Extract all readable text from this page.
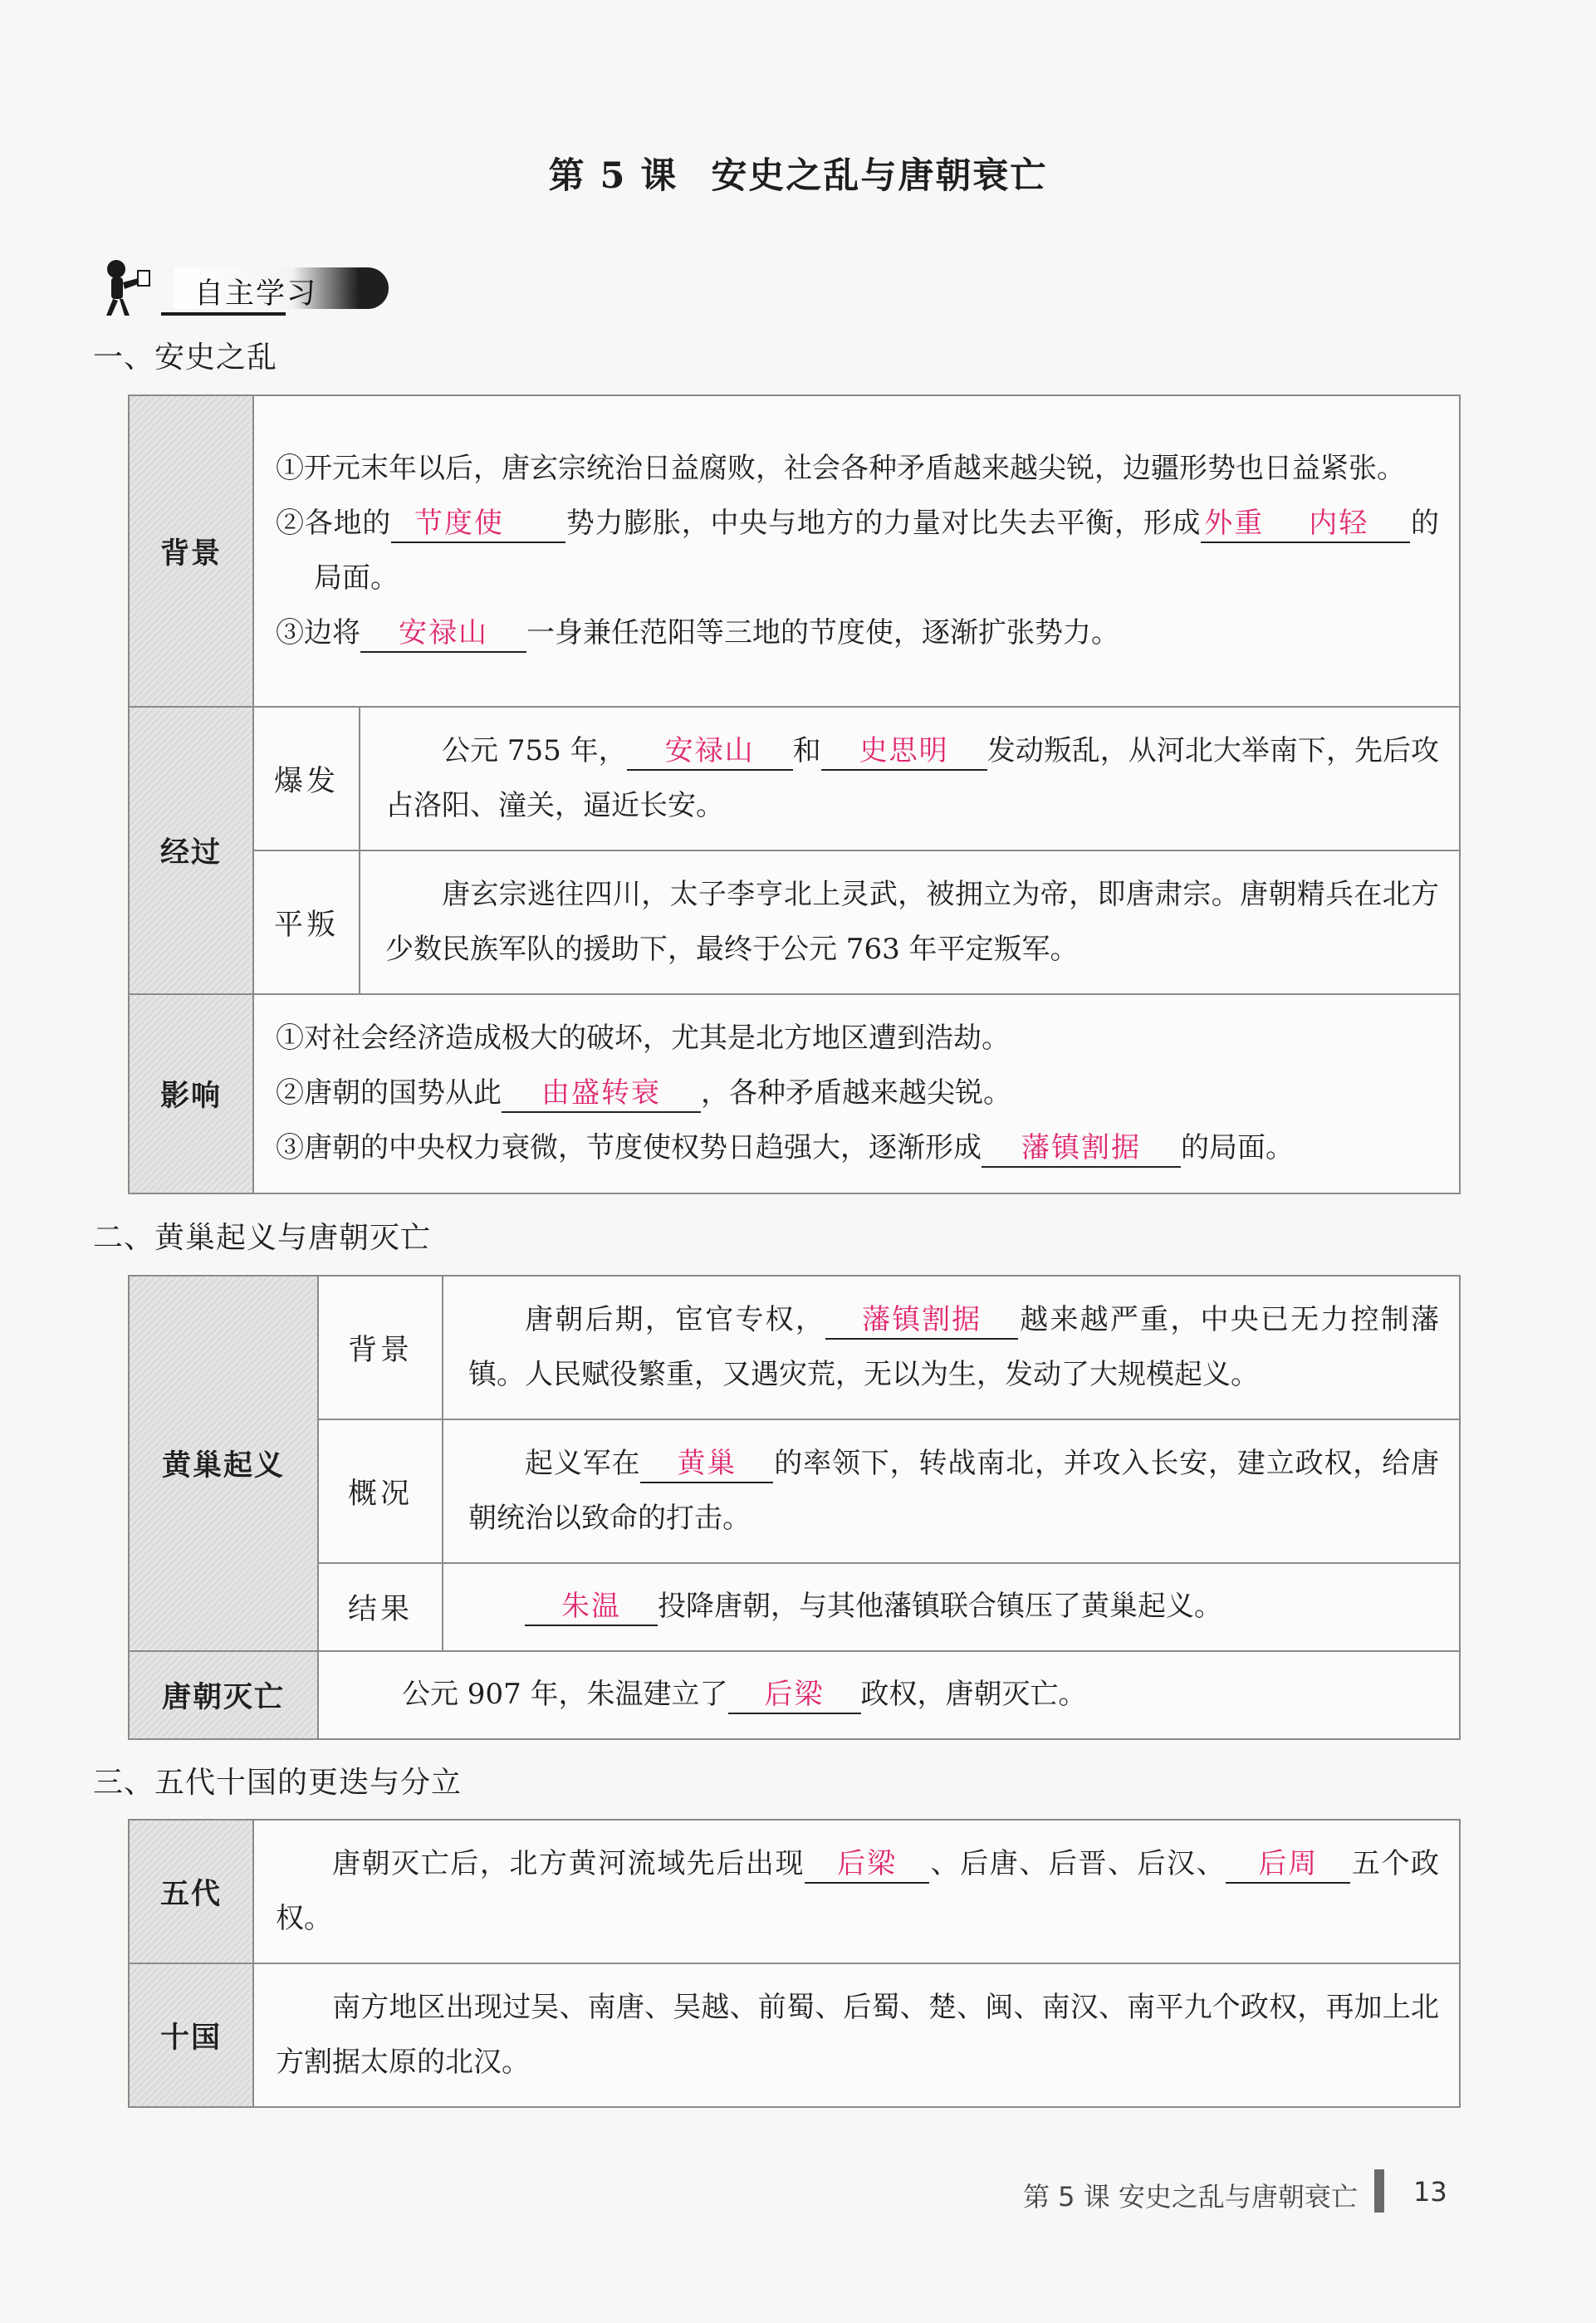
第 5 课 安史之乱与唐朝衰亡
自主学习
一、安史之乱
背景	①开元末年以后，唐玄宗统治日益腐败，社会各种矛盾越来越尖锐，边疆形势也日益紧张。
②各地的 节度使 势力膨胀，中央与地方的力量对比失去平衡，形成 外重 内轻 的局面。
③边将 安禄山 一身兼任范阳等三地的节度使，逐渐扩张势力。	

经过	爆发	公元 755 年， 安禄山 和 史思明 发动叛乱，从河北大举南下，先后攻占洛阳、潼关，逼近长安。
	平叛	唐玄宗逃往四川，太子李亨北上灵武，被拥立为帝，即唐肃宗。唐朝精兵在北方少数民族军队的援助下，最终于公元 763 年平定叛军。
影响	①对社会经济造成极大的破坏，尤其是北方地区遭到浩劫。
②唐朝的国势从此 由盛转衰 ，各种矛盾越来越尖锐。
③唐朝的中央权力衰微，节度使权势日趋强大，逐渐形成 藩镇割据 的局面。	
二、黄巢起义与唐朝灭亡
黄巢起义	背景	唐朝后期，宦官专权， 藩镇割据 越来越严重，中央已无力控制藩镇。人民赋役繁重，又遇灾荒，无以为生，发动了大规模起义。
	概况	起义军在 黄巢 的率领下，转战南北，并攻入长安，建立政权，给唐朝统治以致命的打击。
	结果	朱温 投降唐朝，与其他藩镇联合镇压了黄巢起义。
唐朝灭亡	公元 907 年，朱温建立了 后梁 政权，唐朝灭亡。	
三、五代十国的更迭与分立
五代	唐朝灭亡后，北方黄河流域先后出现 后梁 、后唐、后晋、后汉、 后周 五个政权。
十国	南方地区出现过吴、南唐、吴越、前蜀、后蜀、楚、闽、南汉、南平九个政权，再加上北方割据太原的北汉。
第 5 课 安史之乱与唐朝衰亡 13
